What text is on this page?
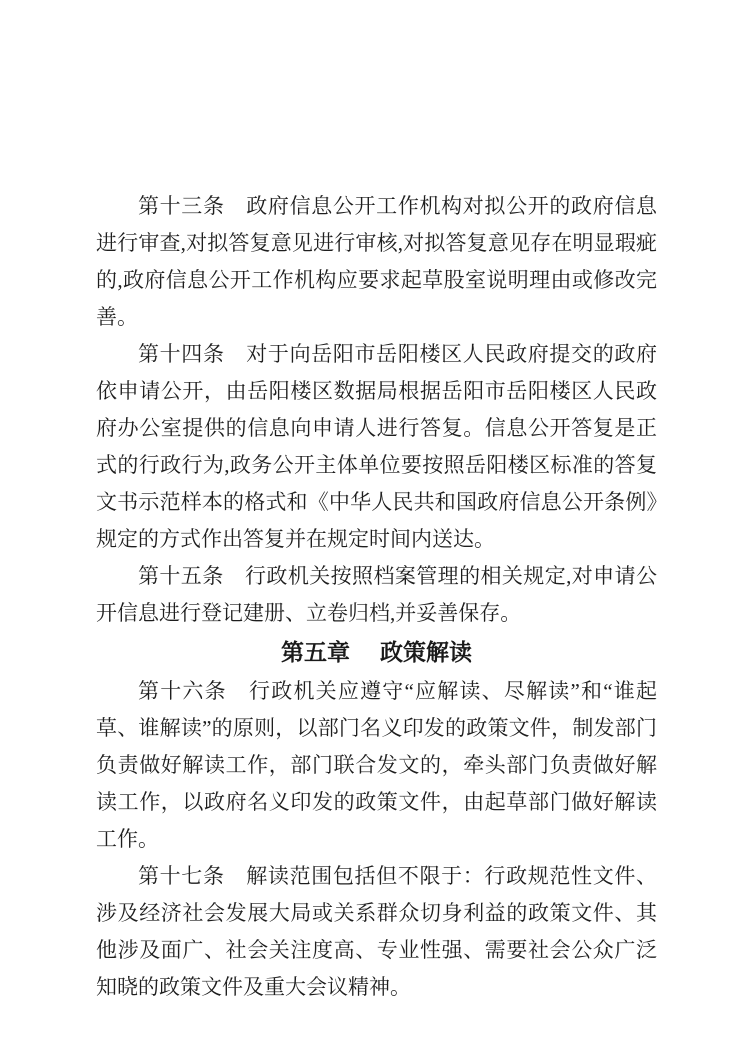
第十三条　政府信息公开工作机构对拟公开的政府信息进行审查,对拟答复意见进行审核,对拟答复意见存在明显瑕疵的,政府信息公开工作机构应要求起草股室说明理由或修改完善。

第十四条　对于向岳阳市岳阳楼区人民政府提交的政府依申请公开，由岳阳楼区数据局根据岳阳市岳阳楼区人民政府办公室提供的信息向申请人进行答复。信息公开答复是正式的行政行为,政务公开主体单位要按照岳阳楼区标准的答复文书示范样本的格式和《中华人民共和国政府信息公开条例》规定的方式作出答复并在规定时间内送达。

第十五条　行政机关按照档案管理的相关规定,对申请公开信息进行登记建册、立卷归档,并妥善保存。

第五章 政策解读

第十六条　行政机关应遵守“应解读、尽解读”和“谁起草、谁解读”的原则，以部门名义印发的政策文件，制发部门负责做好解读工作，部门联合发文的，牵头部门负责做好解读工作，以政府名义印发的政策文件，由起草部门做好解读工作。

第十七条　解读范围包括但不限于：行政规范性文件、涉及经济社会发展大局或关系群众切身利益的政策文件、其他涉及面广、社会关注度高、专业性强、需要社会公众广泛知晓的政策文件及重大会议精神。
